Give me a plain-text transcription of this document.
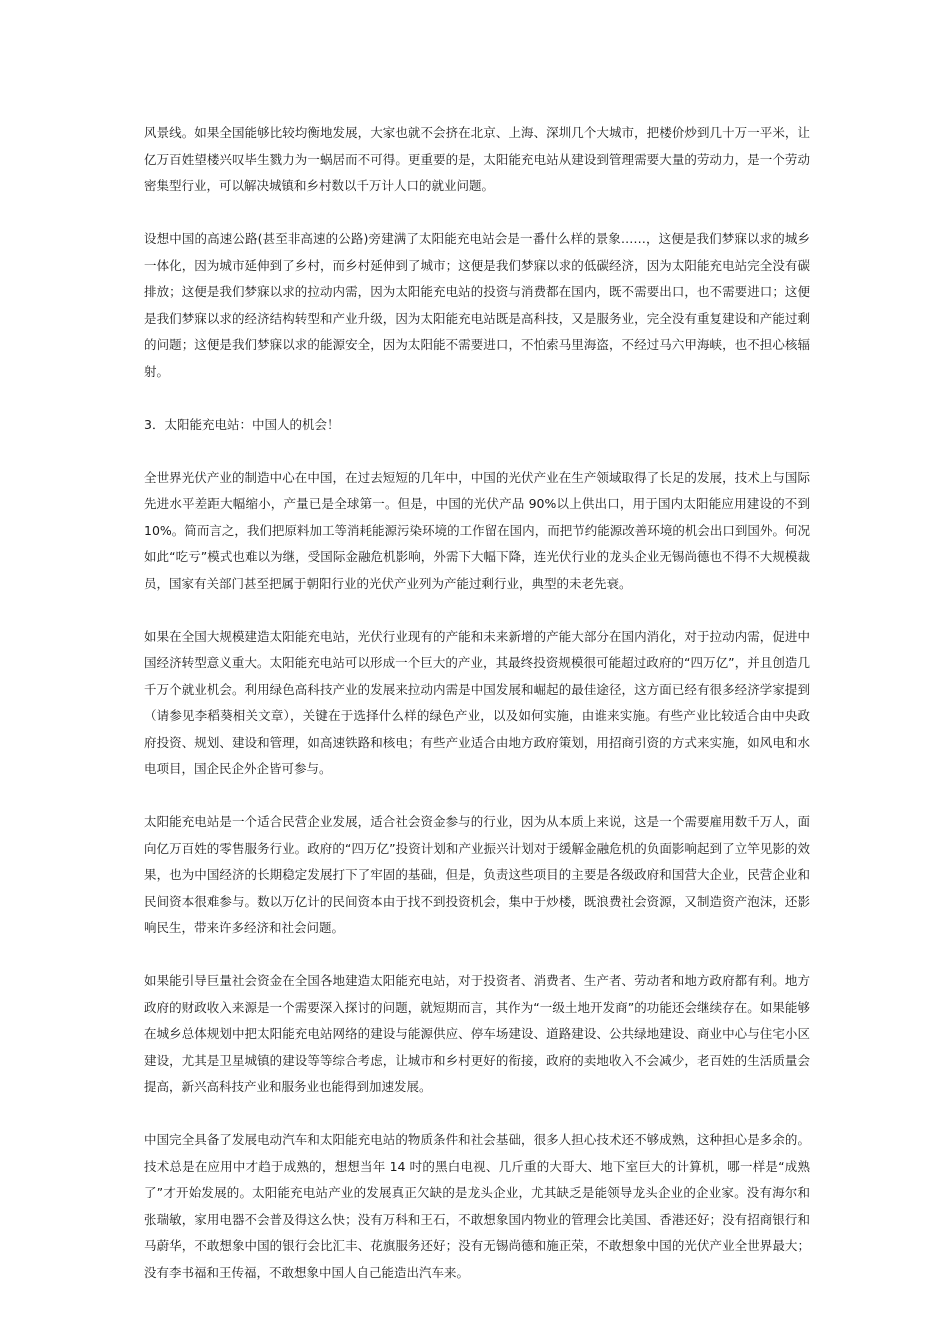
风景线。如果全国能够比较均衡地发展，大家也就不会挤在北京、上海、深圳几个大城市，把楼价炒到几十万一平米，让亿万百姓望楼兴叹毕生戮力为一蜗居而不可得。更重要的是，太阳能充电站从建设到管理需要大量的劳动力，是一个劳动密集型行业，可以解决城镇和乡村数以千万计人口的就业问题。

设想中国的高速公路(甚至非高速的公路)旁建满了太阳能充电站会是一番什么样的景象……，这便是我们梦寐以求的城乡一体化，因为城市延伸到了乡村，而乡村延伸到了城市；这便是我们梦寐以求的低碳经济，因为太阳能充电站完全没有碳排放；这便是我们梦寐以求的拉动内需，因为太阳能充电站的投资与消费都在国内，既不需要出口，也不需要进口；这便是我们梦寐以求的经济结构转型和产业升级，因为太阳能充电站既是高科技，又是服务业，完全没有重复建设和产能过剩的问题；这便是我们梦寐以求的能源安全，因为太阳能不需要进口，不怕索马里海盗，不经过马六甲海峡，也不担心核辐射。

3．太阳能充电站：中国人的机会！

全世界光伏产业的制造中心在中国，在过去短短的几年中，中国的光伏产业在生产领域取得了长足的发展，技术上与国际先进水平差距大幅缩小，产量已是全球第一。但是，中国的光伏产品 90%以上供出口，用于国内太阳能应用建设的不到 10%。简而言之，我们把原料加工等消耗能源污染环境的工作留在国内，而把节约能源改善环境的机会出口到国外。何况如此“吃亏”模式也难以为继，受国际金融危机影响，外需下大幅下降，连光伏行业的龙头企业无锡尚德也不得不大规模裁员，国家有关部门甚至把属于朝阳行业的光伏产业列为产能过剩行业，典型的未老先衰。

如果在全国大规模建造太阳能充电站，光伏行业现有的产能和未来新增的产能大部分在国内消化，对于拉动内需，促进中国经济转型意义重大。太阳能充电站可以形成一个巨大的产业，其最终投资规模很可能超过政府的“四万亿”，并且创造几千万个就业机会。利用绿色高科技产业的发展来拉动内需是中国发展和崛起的最佳途径，这方面已经有很多经济学家提到（请参见李稻葵相关文章），关键在于选择什么样的绿色产业，以及如何实施，由谁来实施。有些产业比较适合由中央政府投资、规划、建设和管理，如高速铁路和核电；有些产业适合由地方政府策划，用招商引资的方式来实施，如风电和水电项目，国企民企外企皆可参与。

太阳能充电站是一个适合民营企业发展，适合社会资金参与的行业，因为从本质上来说，这是一个需要雇用数千万人，面向亿万百姓的零售服务行业。政府的“四万亿”投资计划和产业振兴计划对于缓解金融危机的负面影响起到了立竿见影的效果，也为中国经济的长期稳定发展打下了牢固的基础，但是，负责这些项目的主要是各级政府和国营大企业，民营企业和民间资本很难参与。数以万亿计的民间资本由于找不到投资机会，集中于炒楼，既浪费社会资源，又制造资产泡沫，还影响民生，带来许多经济和社会问题。

如果能引导巨量社会资金在全国各地建造太阳能充电站，对于投资者、消费者、生产者、劳动者和地方政府都有利。地方政府的财政收入来源是一个需要深入探讨的问题，就短期而言，其作为“一级土地开发商”的功能还会继续存在。如果能够在城乡总体规划中把太阳能充电站网络的建设与能源供应、停车场建设、道路建设、公共绿地建设、商业中心与住宅小区建设，尤其是卫星城镇的建设等等综合考虑，让城市和乡村更好的衔接，政府的卖地收入不会减少，老百姓的生活质量会提高，新兴高科技产业和服务业也能得到加速发展。

中国完全具备了发展电动汽车和太阳能充电站的物质条件和社会基础，很多人担心技术还不够成熟，这种担心是多余的。技术总是在应用中才趋于成熟的，想想当年 14 吋的黑白电视、几斤重的大哥大、地下室巨大的计算机，哪一样是“成熟了”才开始发展的。太阳能充电站产业的发展真正欠缺的是龙头企业，尤其缺乏是能领导龙头企业的企业家。没有海尔和张瑞敏，家用电器不会普及得这么快；没有万科和王石，不敢想象国内物业的管理会比美国、香港还好；没有招商银行和马蔚华，不敢想象中国的银行会比汇丰、花旗服务还好；没有无锡尚德和施正荣，不敢想象中国的光伏产业全世界最大；没有李书福和王传福，不敢想象中国人自己能造出汽车来。
